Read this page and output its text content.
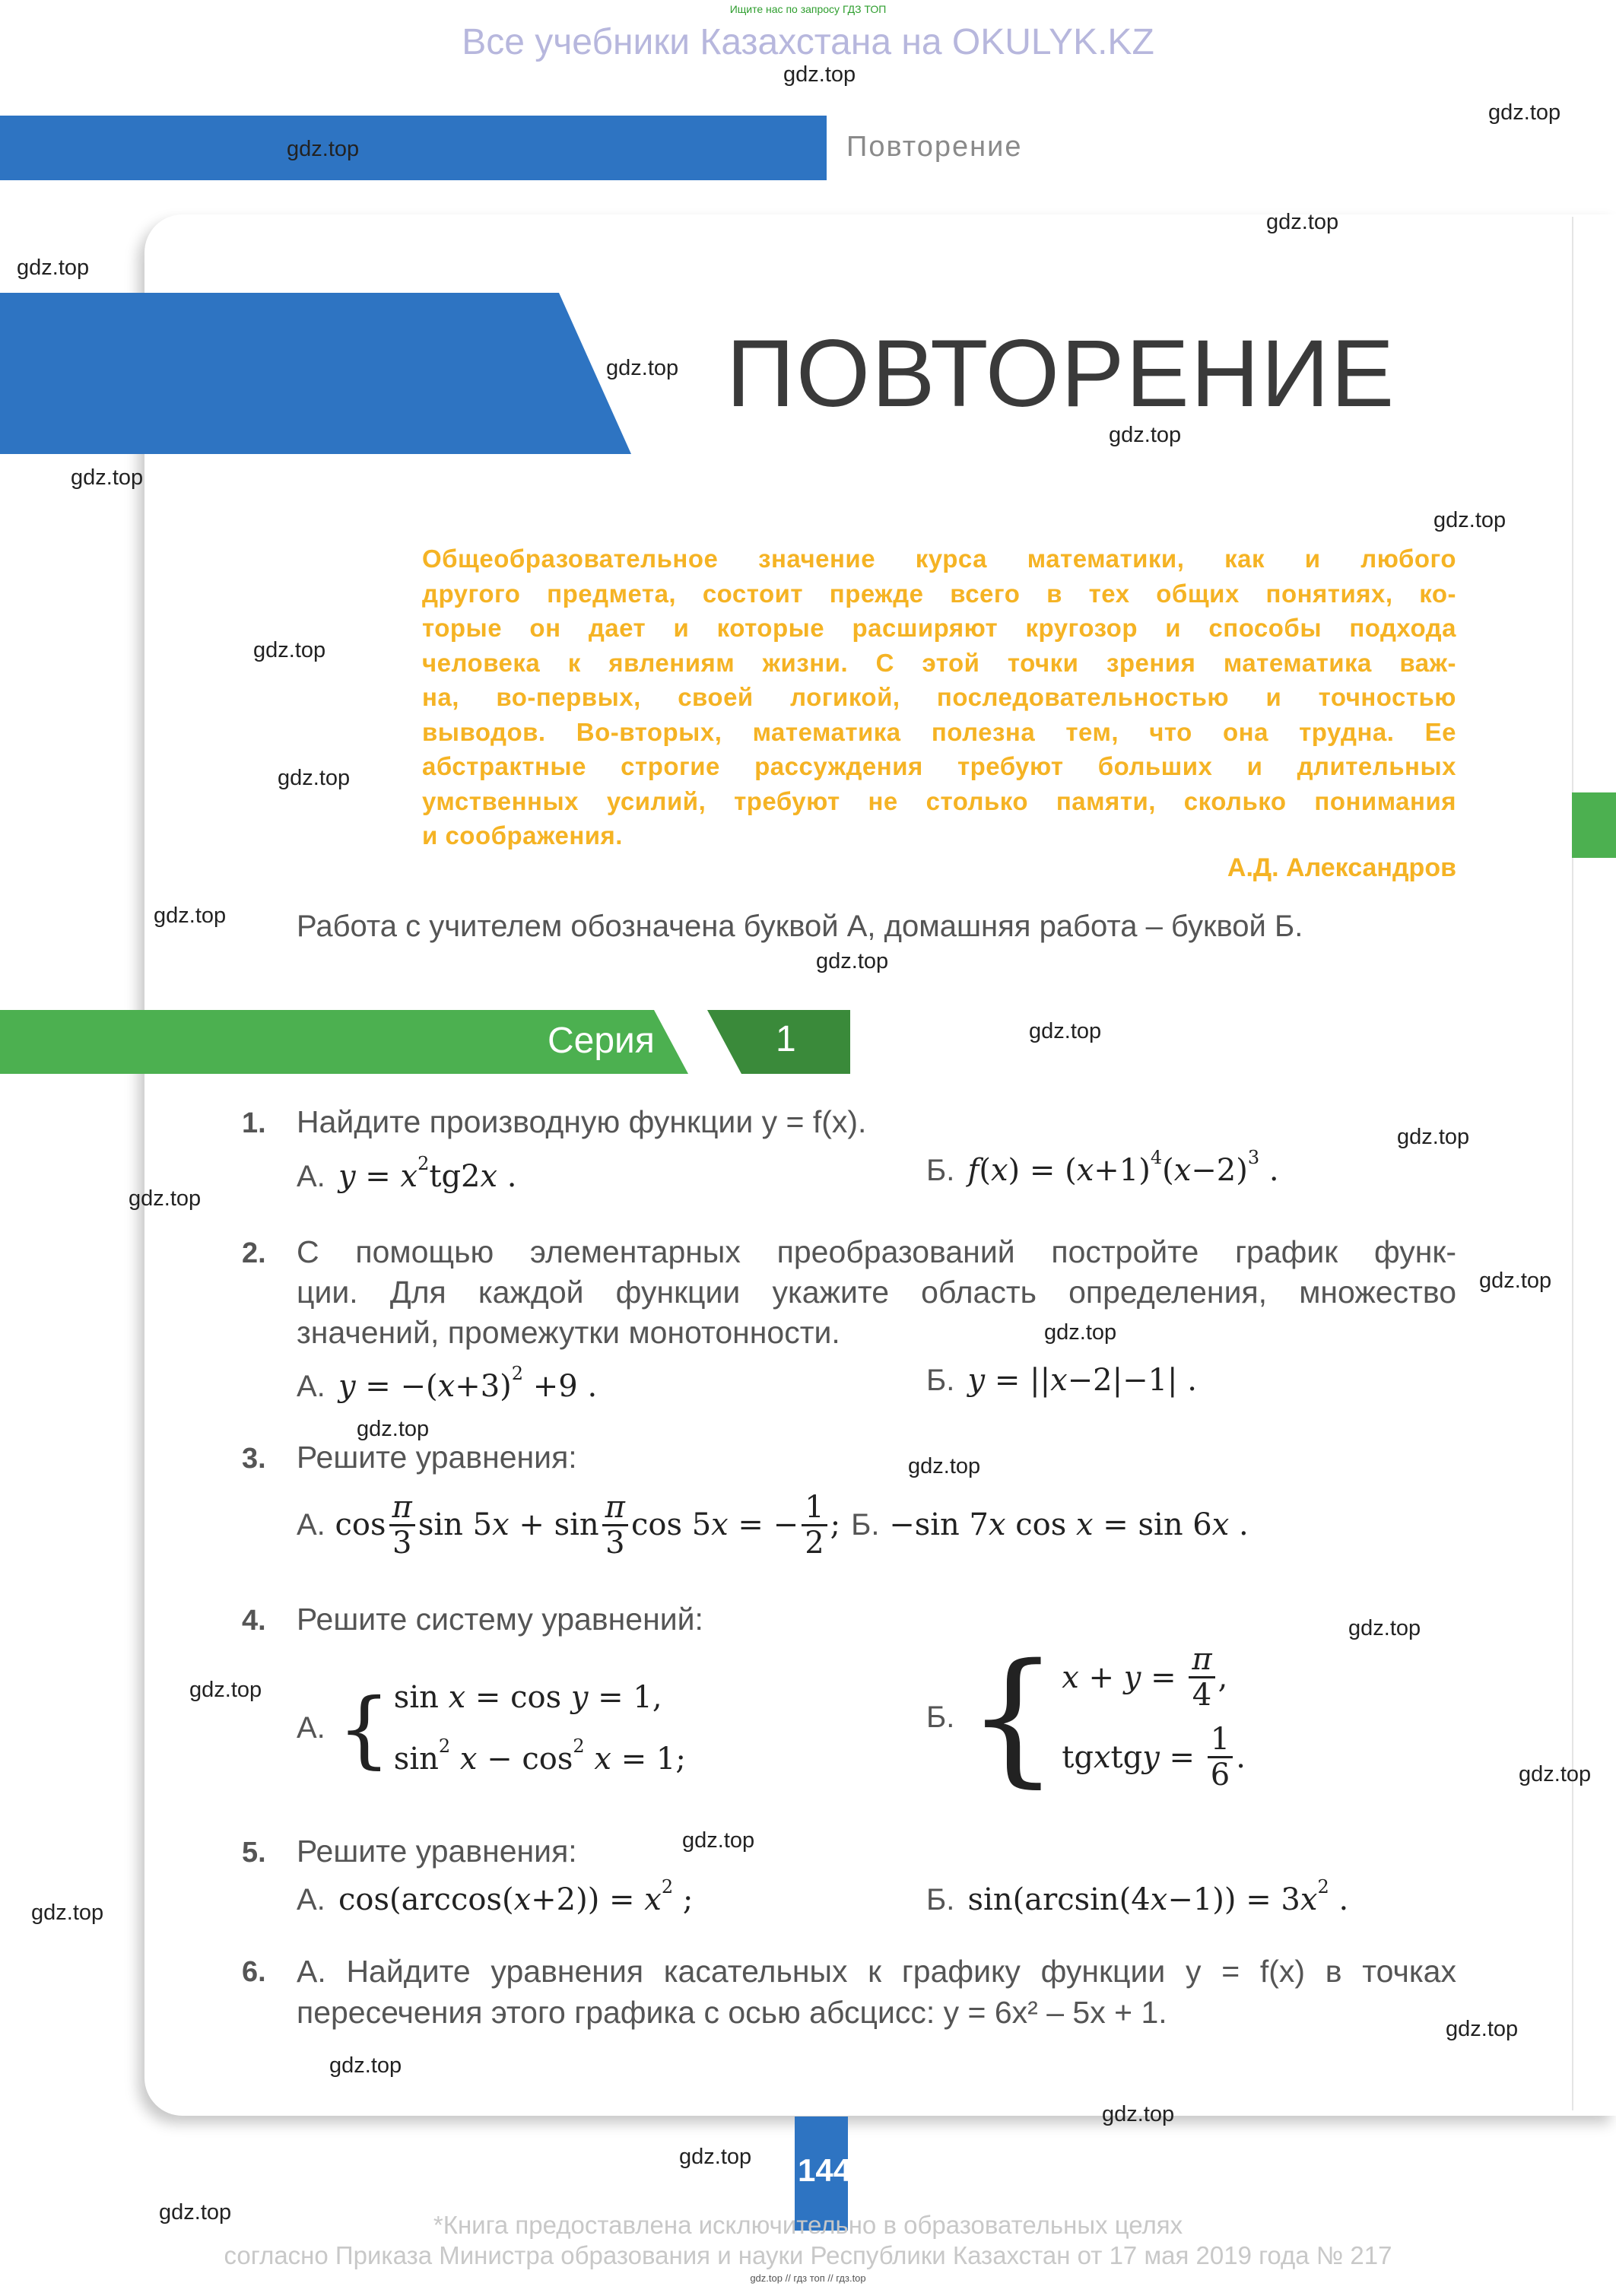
Ищите нас по запросу ГДЗ ТОП
Все учебники Казахстана на OKULYK.KZ
Повторение
ПОВТОРЕНИЕ
Общеобразовательное значение курса математики, как и любого
другого предмета, состоит прежде всего в тех общих понятиях, ко-
торые он дает и которые расширяют кругозор и способы подхода
человека к явлениям жизни. С этой точки зрения математика важ-
на, во-первых, своей логикой, последовательностью и точностью
выводов. Во-вторых, математика полезна тем, что она трудна. Ее
абстрактные строгие рассуждения требуют больших и длительных
умственных усилий, требуют не столько памяти, сколько понимания
и соображения.
А.Д. Александров
Работа с учителем обозначена буквой А, домашняя работа – буквой Б.
Серия	1
1. Найдите производную функции y = f(x).
А. $y = x^2tg2x$ .	Б. $f(x) = (x+1)^4(x-2)^3$ .
2. С помощью элементарных преобразований постройте график функ-
ции. Для каждой функции укажите область определения, множество
значений, промежутки монотонности.
А. $y = -(x+3)^2 +9$ .	Б. y = ||x−2|−1| .
3. Решите уравнения:
А. $\cos \frac{\pi}{3}$ sin 5 $x + \sin \frac{\pi}{3}$ cos 5 x = − $\frac{1}{2}$ ; Б. −sin 7x cos x = sin 6x .
4. Решите систему уравнений:
А. { sin x = cos y = 1,
$\sin^2 x - \cos^2 x = 1$;
Б. { $x + y = \frac{\pi}{4}$ ,
tg x tg $y = \frac{1}{6}$ .
5. Решите уравнения:
А.  $\cos(\arccos(x+2)) = x^2$ ;	Б.  $\sin(\arcsin(4x-1)) = 3x^2$ .
6. А. Найдите уравнения касательных к графику функции y = f(x) в точках
пересечения этого графика с осью абсцисс: y = 6x² – 5x + 1.
144
*Книга предоставлена исключительно в образовательных целях
согласно Приказа Министра образования и науки Республики Казахстан от 17 мая 2019 года № 217
gdz.top // гдз топ // гдз.top
gdz.top
gdz.top
gdz.top
gdz.top
gdz.top
gdz.top
gdz.top
gdz.top
gdz.top
gdz.top
gdz.top
gdz.top
gdz.top
gdz.top
gdz.top
gdz.top
gdz.top
gdz.top
gdz.top
gdz.top
gdz.top
gdz.top
gdz.top
gdz.top
gdz.top
gdz.top
gdz.top
gdz.top
gdz.top
gdz.top
